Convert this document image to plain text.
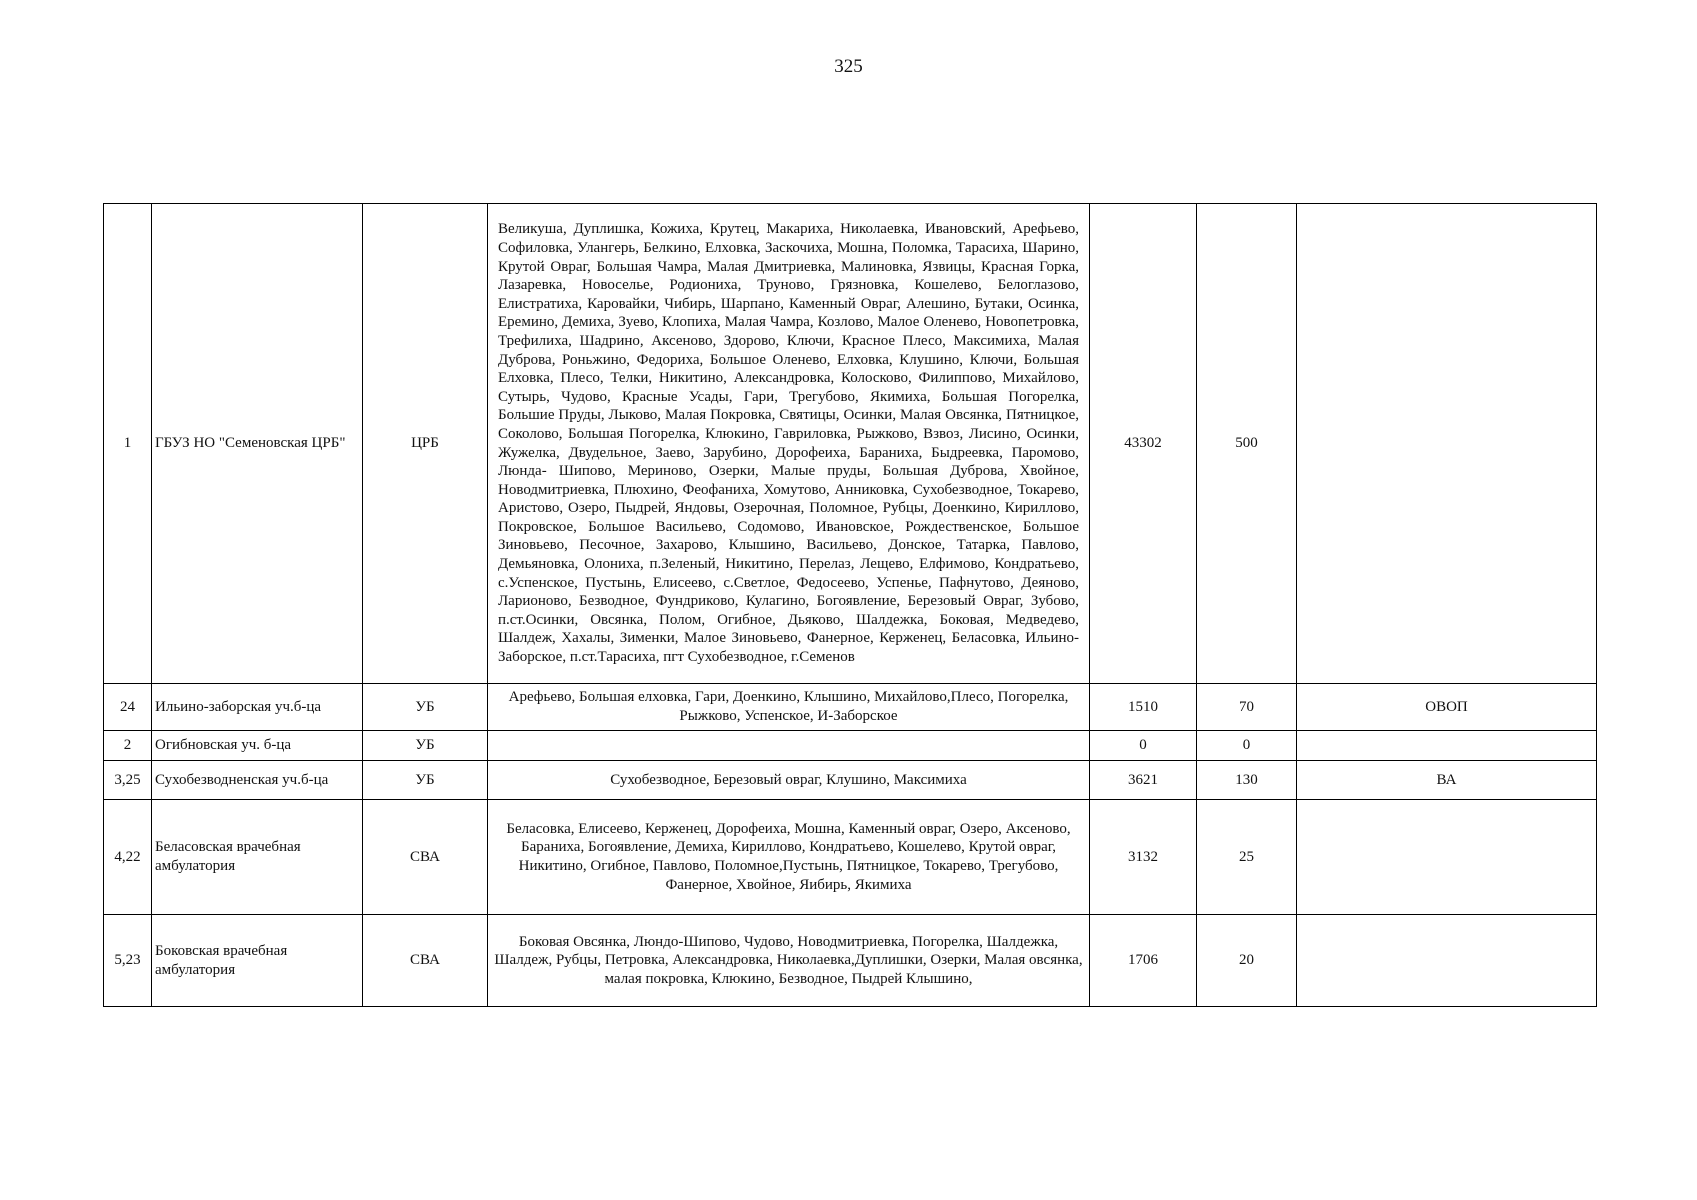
325
1	ГБУЗ НО "Семеновская ЦРБ"	ЦРБ	Великуша, Дуплишка, Кожиха, Крутец, Макариха, Николаевка, Ивановский, Арефьево, Софиловка, Улангерь, Белкино, Елховка, Заскочиха, Мошна, Поломка, Тарасиха, Шарино, Крутой Овраг, Большая Чамра, Малая Дмитриевка, Малиновка, Язвицы, Красная Горка, Лазаревка, Новоселье, Родиониха, Труново, Грязновка, Кошелево, Белоглазово, Елистратиха, Каровайки, Чибирь, Шарпано, Каменный Овраг, Алешино, Бутаки, Осинка, Еремино, Демиха, Зуево, Клопиха, Малая Чамра, Козлово, Малое Оленево, Новопетровка, Трефилиха, Шадрино, Аксеново, Здорово, Ключи, Красное Плесо, Максимиха, Малая Дуброва, Роньжино, Федориха, Большое Оленево, Елховка, Клушино, Ключи, Большая Елховка, Плесо, Телки, Никитино, Александровка, Колосково, Филиппово, Михайлово, Сутырь, Чудово, Красные Усады, Гари, Трегубово, Якимиха, Большая Погорелка, Большие Пруды, Лыково, Малая Покровка, Святицы, Осинки, Малая Овсянка, Пятницкое, Соколово, Большая Погорелка, Клюкино, Гавриловка, Рыжково, Взвоз, Лисино, Осинки, Жужелка, Двудельное, Заево, Зарубино, Дорофеиха, Бараниха, Быдреевка, Паромово, Люнда- Шипово, Мериново, Озерки, Малые пруды, Большая Дуброва, Хвойное, Новодмитриевка, Плюхино, Феофаниха, Хомутово, Анниковка, Сухобезводное, Токарево, Аристово, Озеро, Пыдрей, Яндовы, Озерочная, Поломное, Рубцы, Доенкино, Кириллово, Покровское, Большое Васильево, Содомово, Ивановское, Рождественское, Большое Зиновьево, Песочное, Захарово, Клышино, Васильево, Донское, Татарка, Павлово, Демьяновка, Олониха, п.Зеленый, Никитино, Перелаз, Лещево, Елфимово, Кондратьево, с.Успенское, Пустынь, Елисеево, с.Светлое, Федосеево, Успенье, Пафнутово, Деяново, Ларионово, Безводное, Фундриково, Кулагино, Богоявление, Березовый Овраг, Зубово, п.ст.Осинки, Овсянка, Полом, Огибное, Дьяково, Шалдежка, Боковая, Медведево, Шалдеж, Хахалы, Зименки, Малое Зиновьево, Фанерное, Керженец, Беласовка, Ильино- Заборское, п.ст.Тарасиха, пгт Сухобезводное, г.Семенов	43302	500	
24	Ильино-заборская уч.б-ца	УБ	Арефьево, Большая елховка, Гари, Доенкино, Клышино, Михайлово,Плесо, Погорелка, Рыжково, Успенское, И-Заборское	1510	70	ОВОП
2	Огибновская уч. б-ца	УБ		0	0	
3,25	Сухобезводненская уч.б-ца	УБ	Сухобезводное, Березовый овраг, Клушино, Максимиха	3621	130	ВА
4,22	Беласовская врачебная амбулатория	СВА	Беласовка, Елисеево, Керженец, Дорофеиха, Мошна, Каменный овраг, Озеро, Аксеново, Бараниха, Богоявление, Демиха, Кириллово, Кондратьево, Кошелево, Крутой овраг, Никитино, Огибное, Павлово, Поломное,Пустынь, Пятницкое, Токарево, Трегубово, Фанерное, Хвойное, Яибирь, Якимиха	3132	25	
5,23	Боковская врачебная амбулатория	СВА	Боковая Овсянка, Люндо-Шипово, Чудово, Новодмитриевка, Погорелка, Шалдежка, Шалдеж, Рубцы, Петровка, Александровка, Николаевка,Дуплишки, Озерки, Малая овсянка, малая покровка, Клюкино, Безводное, Пыдрей Клышино,	1706	20	
